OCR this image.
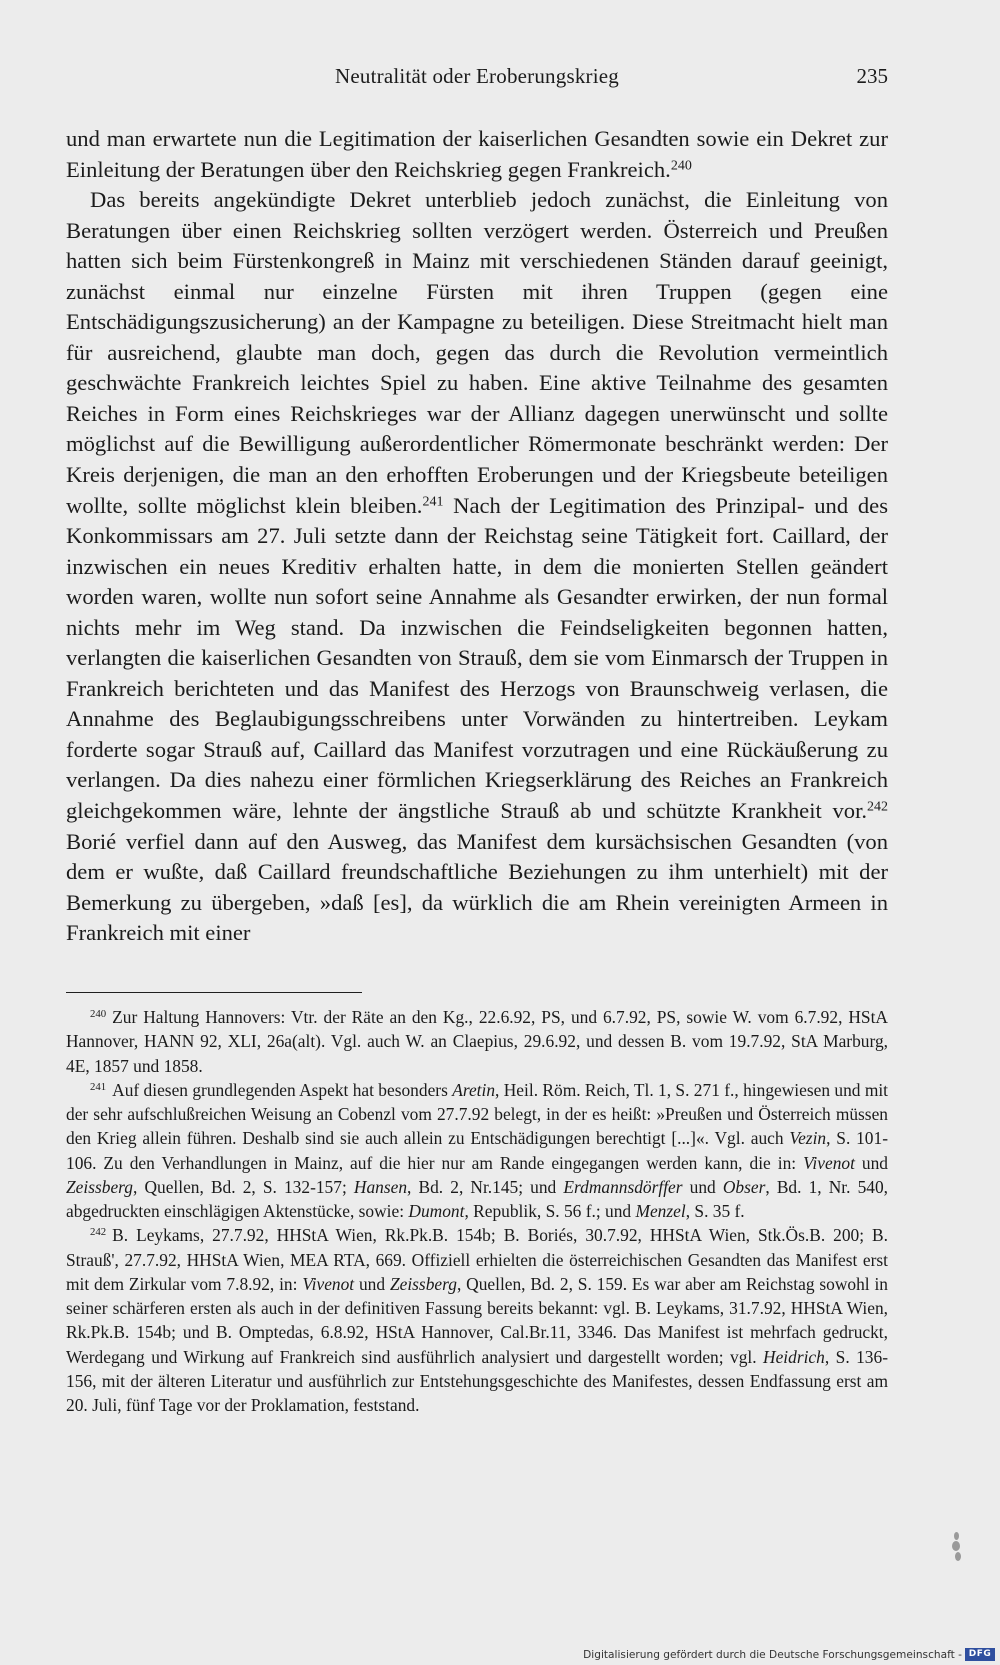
Neutralität oder Eroberungskrieg	235

und man erwartete nun die Legitimation der kaiserlichen Gesandten sowie ein Dekret zur Einleitung der Beratungen über den Reichskrieg gegen Frankreich.$^{240}$

Das bereits angekündigte Dekret unterblieb jedoch zunächst, die Einleitung von Beratungen über einen Reichskrieg sollten verzögert werden. Österreich und Preußen hatten sich beim Fürstenkongreß in Mainz mit verschiedenen Ständen darauf geeinigt, zunächst einmal nur einzelne Fürsten mit ihren Truppen (gegen eine Entschädigungszusicherung) an der Kampagne zu beteiligen. Diese Streitmacht hielt man für ausreichend, glaubte man doch, gegen das durch die Revolution vermeintlich geschwächte Frankreich leichtes Spiel zu haben. Eine aktive Teilnahme des gesamten Reiches in Form eines Reichskrieges war der Allianz dagegen unerwünscht und sollte möglichst auf die Bewilligung außerordentlicher Römermonate beschränkt werden: Der Kreis derjenigen, die man an den erhofften Eroberungen und der Kriegsbeute beteiligen wollte, sollte möglichst klein bleiben.$^{241}$ Nach der Legitimation des Prinzipal- und des Konkommissars am 27. Juli setzte dann der Reichstag seine Tätigkeit fort. Caillard, der inzwischen ein neues Kreditiv erhalten hatte, in dem die monierten Stellen geändert worden waren, wollte nun sofort seine Annahme als Gesandter erwirken, der nun formal nichts mehr im Weg stand. Da inzwischen die Feindseligkeiten begonnen hatten, verlangten die kaiserlichen Gesandten von Strauß, dem sie vom Einmarsch der Truppen in Frankreich berichteten und das Manifest des Herzogs von Braunschweig verlasen, die Annahme des Beglaubigungsschreibens unter Vorwänden zu hintertreiben. Leykam forderte sogar Strauß auf, Caillard das Manifest vorzutragen und eine Rückäußerung zu verlangen. Da dies nahezu einer förmlichen Kriegserklärung des Reiches an Frankreich gleichgekommen wäre, lehnte der ängstliche Strauß ab und schützte Krankheit vor.$^{242}$ Borié verfiel dann auf den Ausweg, das Manifest dem kursächsischen Gesandten (von dem er wußte, daß Caillard freundschaftliche Beziehungen zu ihm unterhielt) mit der Bemerkung zu übergeben, »daß [es], da würklich die am Rhein vereinigten Armeen in Frankreich mit einer

$^{240}$ Zur Haltung Hannovers: Vtr. der Räte an den Kg., 22.6.92, PS, und 6.7.92, PS, sowie W. vom 6.7.92, HStA Hannover, HANN 92, XLI, 26a(alt). Vgl. auch W. an Claepius, 29.6.92, und dessen B. vom 19.7.92, StA Marburg, 4E, 1857 und 1858.

$^{241}$ Auf diesen grundlegenden Aspekt hat besonders Aretin, Heil. Röm. Reich, Tl. 1, S. 271 f., hingewiesen und mit der sehr aufschlußreichen Weisung an Cobenzl vom 27.7.92 belegt, in der es heißt: »Preußen und Österreich müssen den Krieg allein führen. Deshalb sind sie auch allein zu Entschädigungen berechtigt [...]«. Vgl. auch Vezin, S. 101-106. Zu den Verhandlungen in Mainz, auf die hier nur am Rande eingegangen werden kann, die in: Vivenot und Zeissberg, Quellen, Bd. 2, S. 132-157; Hansen, Bd. 2, Nr.145; und Erdmannsdörffer und Obser, Bd. 1, Nr. 540, abgedruckten einschlägigen Aktenstücke, sowie: Dumont, Republik, S. 56 f.; und Menzel, S. 35 f.

$^{242}$ B. Leykams, 27.7.92, HHStA Wien, Rk.Pk.B. 154b; B. Boriés, 30.7.92, HHStA Wien, Stk.Ös.B. 200; B. Strauß', 27.7.92, HHStA Wien, MEA RTA, 669. Offiziell erhielten die österreichischen Gesandten das Manifest erst mit dem Zirkular vom 7.8.92, in: Vivenot und Zeissberg, Quellen, Bd. 2, S. 159. Es war aber am Reichstag sowohl in seiner schärferen ersten als auch in der definitiven Fassung bereits bekannt: vgl. B. Leykams, 31.7.92, HHStA Wien, Rk.Pk.B. 154b; und B. Omptedas, 6.8.92, HStA Hannover, Cal.Br.11, 3346. Das Manifest ist mehrfach gedruckt, Werdegang und Wirkung auf Frankreich sind ausführlich analysiert und dargestellt worden; vgl. Heidrich, S. 136-156, mit der älteren Literatur und ausführlich zur Entstehungsgeschichte des Manifestes, dessen Endfassung erst am 20. Juli, fünf Tage vor der Proklamation, feststand.

Digitalisierung gefördert durch die Deutsche Forschungsgemeinschaft - DFG
